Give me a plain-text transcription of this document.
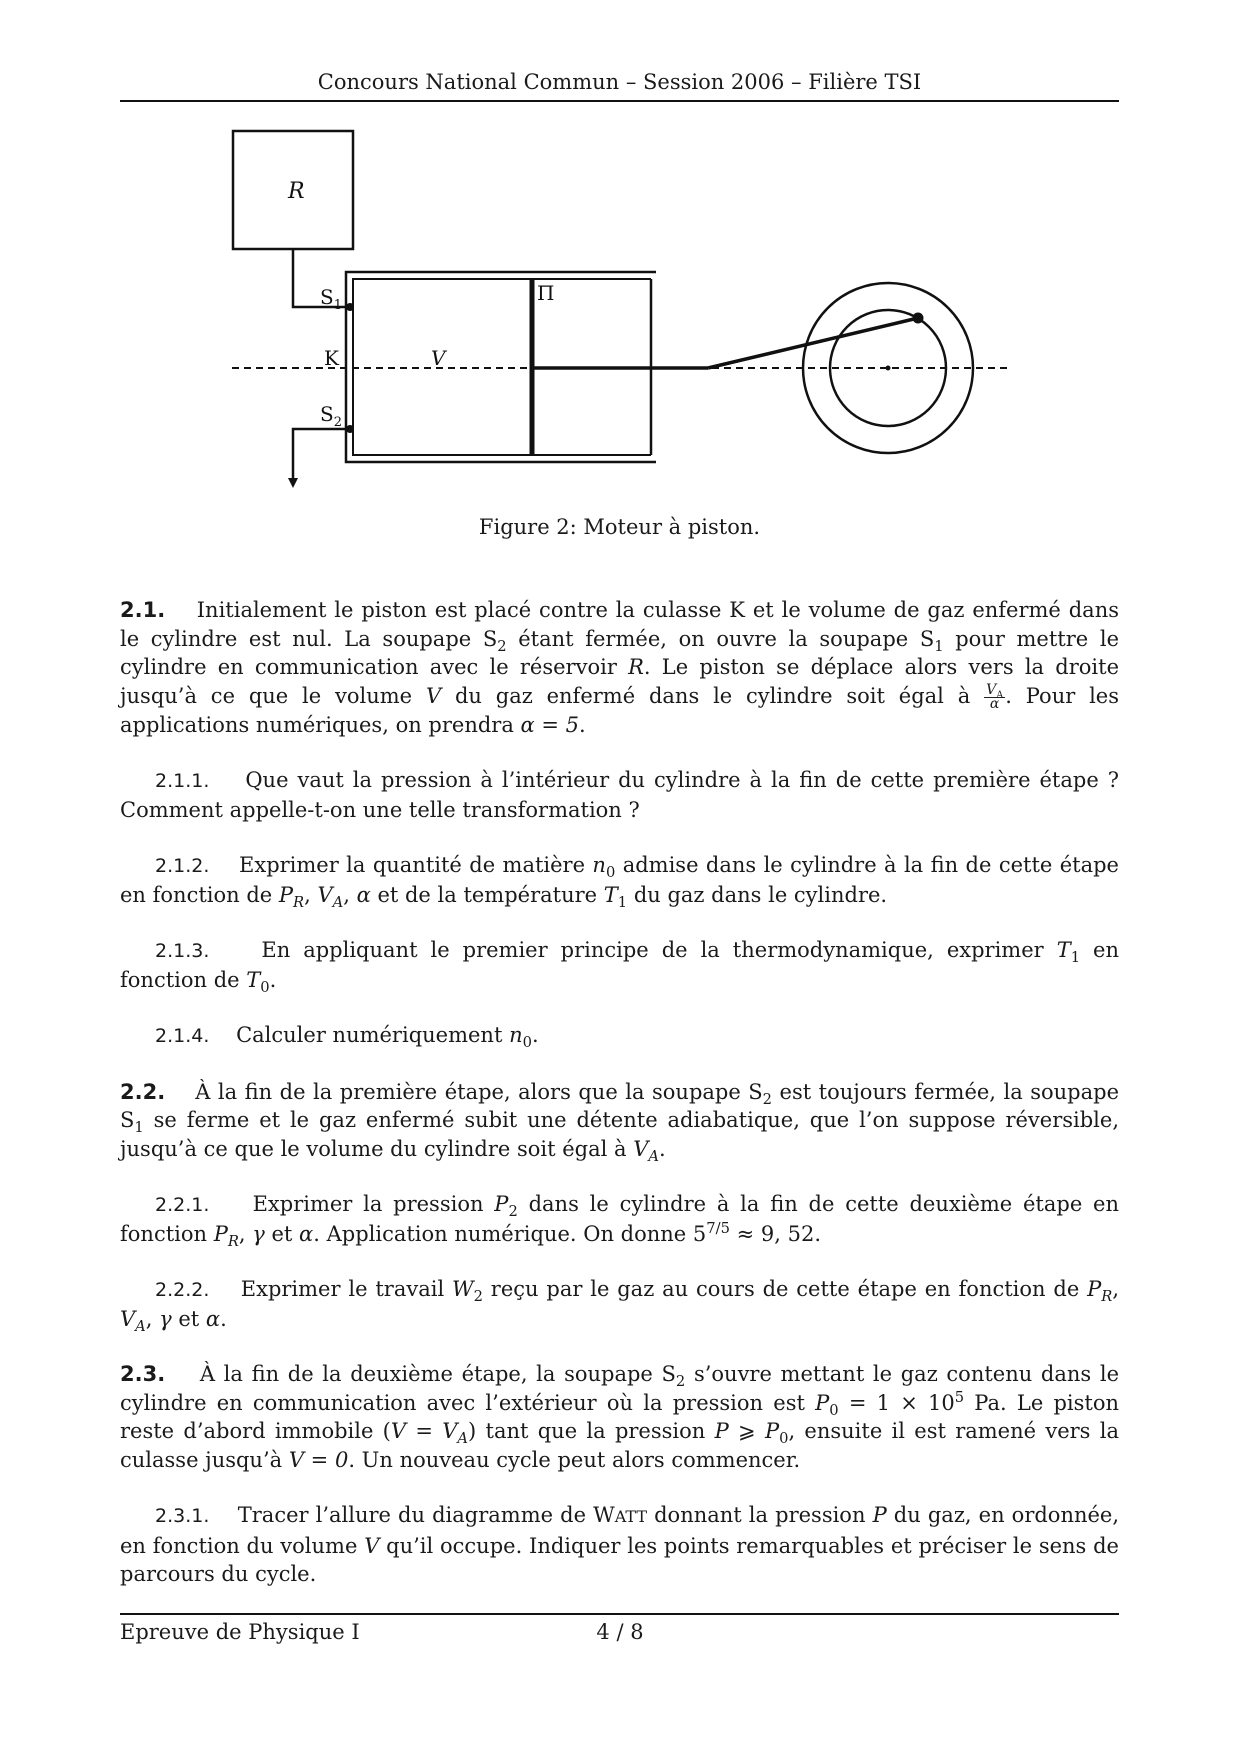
Concours National Commun – Session 2006 – Filière TSI
R
$S_1$
K	V
$S_2$
Π
Figure 2: Moteur à piston.

2.1. Initialement le piston est placé contre la culasse K et le volume de gaz enfermé dans le cylindre est nul. La soupape $S_2$ étant fermée, on ouvre la soupape $S_1$ pour mettre le cylindre en communication avec le réservoir R. Le piston se déplace alors vers la droite jusqu’à ce que le volume V du gaz enfermé dans le cylindre soit égal à $\frac{V_A}{\alpha}$ . Pour les applications numériques, on prendra α = 5.

2.1.1. Que vaut la pression à l’intérieur du cylindre à la fin de cette première étape ? Comment appelle-t-on une telle transformation ?

2.1.2. Exprimer la quantité de matière $n_0$ admise dans le cylindre à la fin de cette étape en fonction de $P_R$, $V_A$, α et de la température $T_1$ du gaz dans le cylindre.

2.1.3. En appliquant le premier principe de la thermodynamique, exprimer $T_1$ en fonction de $T_0$.

2.1.4. Calculer numériquement $n_0$.

2.2. À la fin de la première étape, alors que la soupape $S_2$ est toujours fermée, la soupape $S_1$ se ferme et le gaz enfermé subit une détente adiabatique, que l’on suppose réversible, jusqu’à ce que le volume du cylindre soit égal à $V_A$.

2.2.1. Exprimer la pression $P_2$ dans le cylindre à la fin de cette deuxième étape en fonction $P_R$, γ et α. Application numérique. On donne $5^{7/5} \approx 9$, 52.

2.2.2. Exprimer le travail $W_2$ reçu par le gaz au cours de cette étape en fonction de $P_R$, $V_A$, γ et α.

2.3. À la fin de la deuxième étape, la soupape $S_2$ s’ouvre mettant le gaz contenu dans le cylindre en communication avec l’extérieur où la pression est $P_0 = 1 \times 10^5$ Pa. Le piston reste d’abord immobile $(V = V_A)$ tant que la pression P ⩾ $P_0$, ensuite il est ramené vers la culasse jusqu’à V = 0. Un nouveau cycle peut alors commencer.

2.3.1. Tracer l’allure du diagramme de WATT donnant la pression P du gaz, en ordonnée, en fonction du volume V qu’il occupe. Indiquer les points remarquables et préciser le sens de parcours du cycle.

Epreuve de Physique I	4 / 8
